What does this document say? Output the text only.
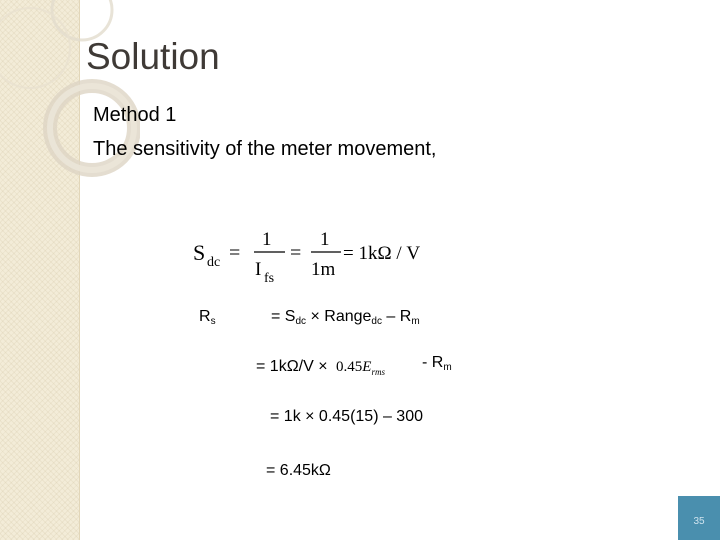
Solution
Method 1
The sensitivity of the meter movement,
S dc =
1
I fs
=
1
1m
= 1kΩ / V
$R_s$	= $S_{dc}$ × Range$_{dc}$ – $R_m$
= $1k\Omega/V \times 0.45E_{rms}$
- $R_m$
= 1k × 0.45(15) – 300
= 6.45kΩ
35
